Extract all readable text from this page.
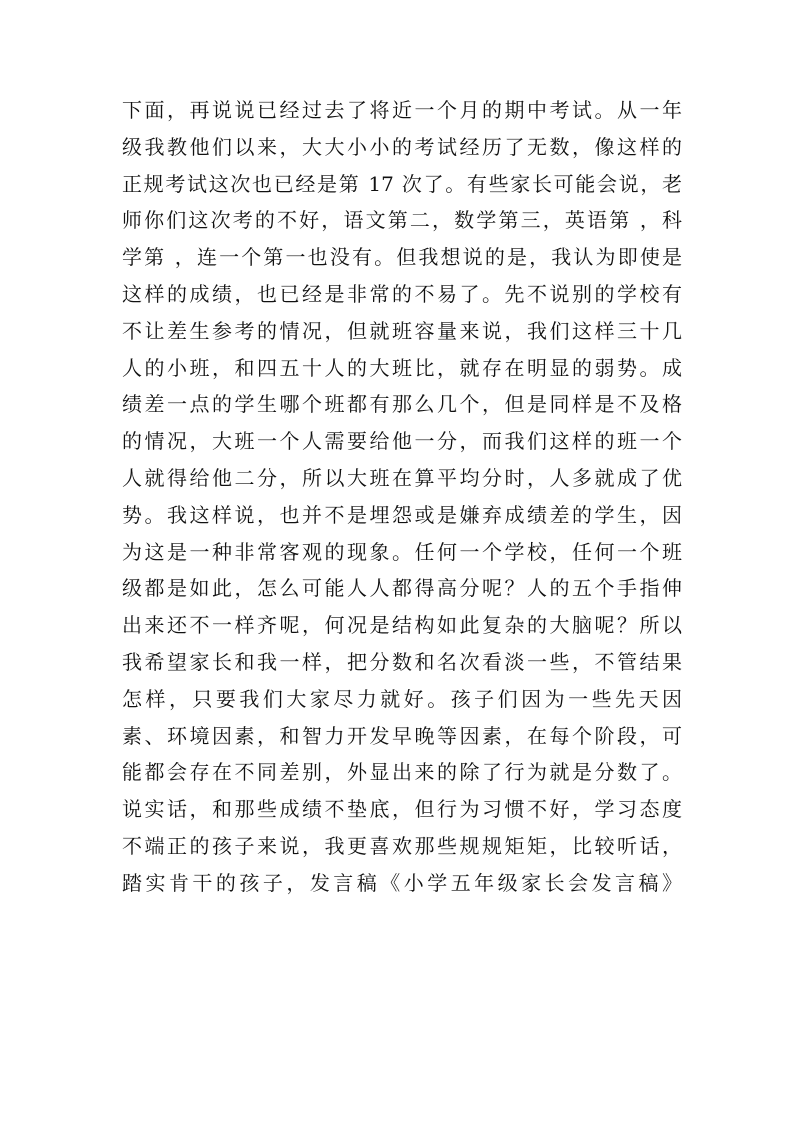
下面，再说说已经过去了将近一个月的期中考试。从一年
级我教他们以来，大大小小的考试经历了无数，像这样的
正规考试这次也已经是第 17 次了。有些家长可能会说，老
师你们这次考的不好，语文第二，数学第三，英语第 ，科
学第 ，连一个第一也没有。但我想说的是，我认为即使是
这样的成绩，也已经是非常的不易了。先不说别的学校有
不让差生参考的情况，但就班容量来说，我们这样三十几
人的小班，和四五十人的大班比，就存在明显的弱势。成
绩差一点的学生哪个班都有那么几个，但是同样是不及格
的情况，大班一个人需要给他一分，而我们这样的班一个
人就得给他二分，所以大班在算平均分时，人多就成了优
势。我这样说，也并不是埋怨或是嫌弃成绩差的学生，因
为这是一种非常客观的现象。任何一个学校，任何一个班
级都是如此，怎么可能人人都得高分呢？人的五个手指伸
出来还不一样齐呢，何况是结构如此复杂的大脑呢？所以
我希望家长和我一样，把分数和名次看淡一些，不管结果
怎样，只要我们大家尽力就好。孩子们因为一些先天因
素、环境因素，和智力开发早晚等因素，在每个阶段，可
能都会存在不同差别，外显出来的除了行为就是分数了。
说实话，和那些成绩不垫底，但行为习惯不好，学习态度
不端正的孩子来说，我更喜欢那些规规矩矩，比较听话，
踏实肯干的孩子，发言稿《小学五年级家长会发言稿》
